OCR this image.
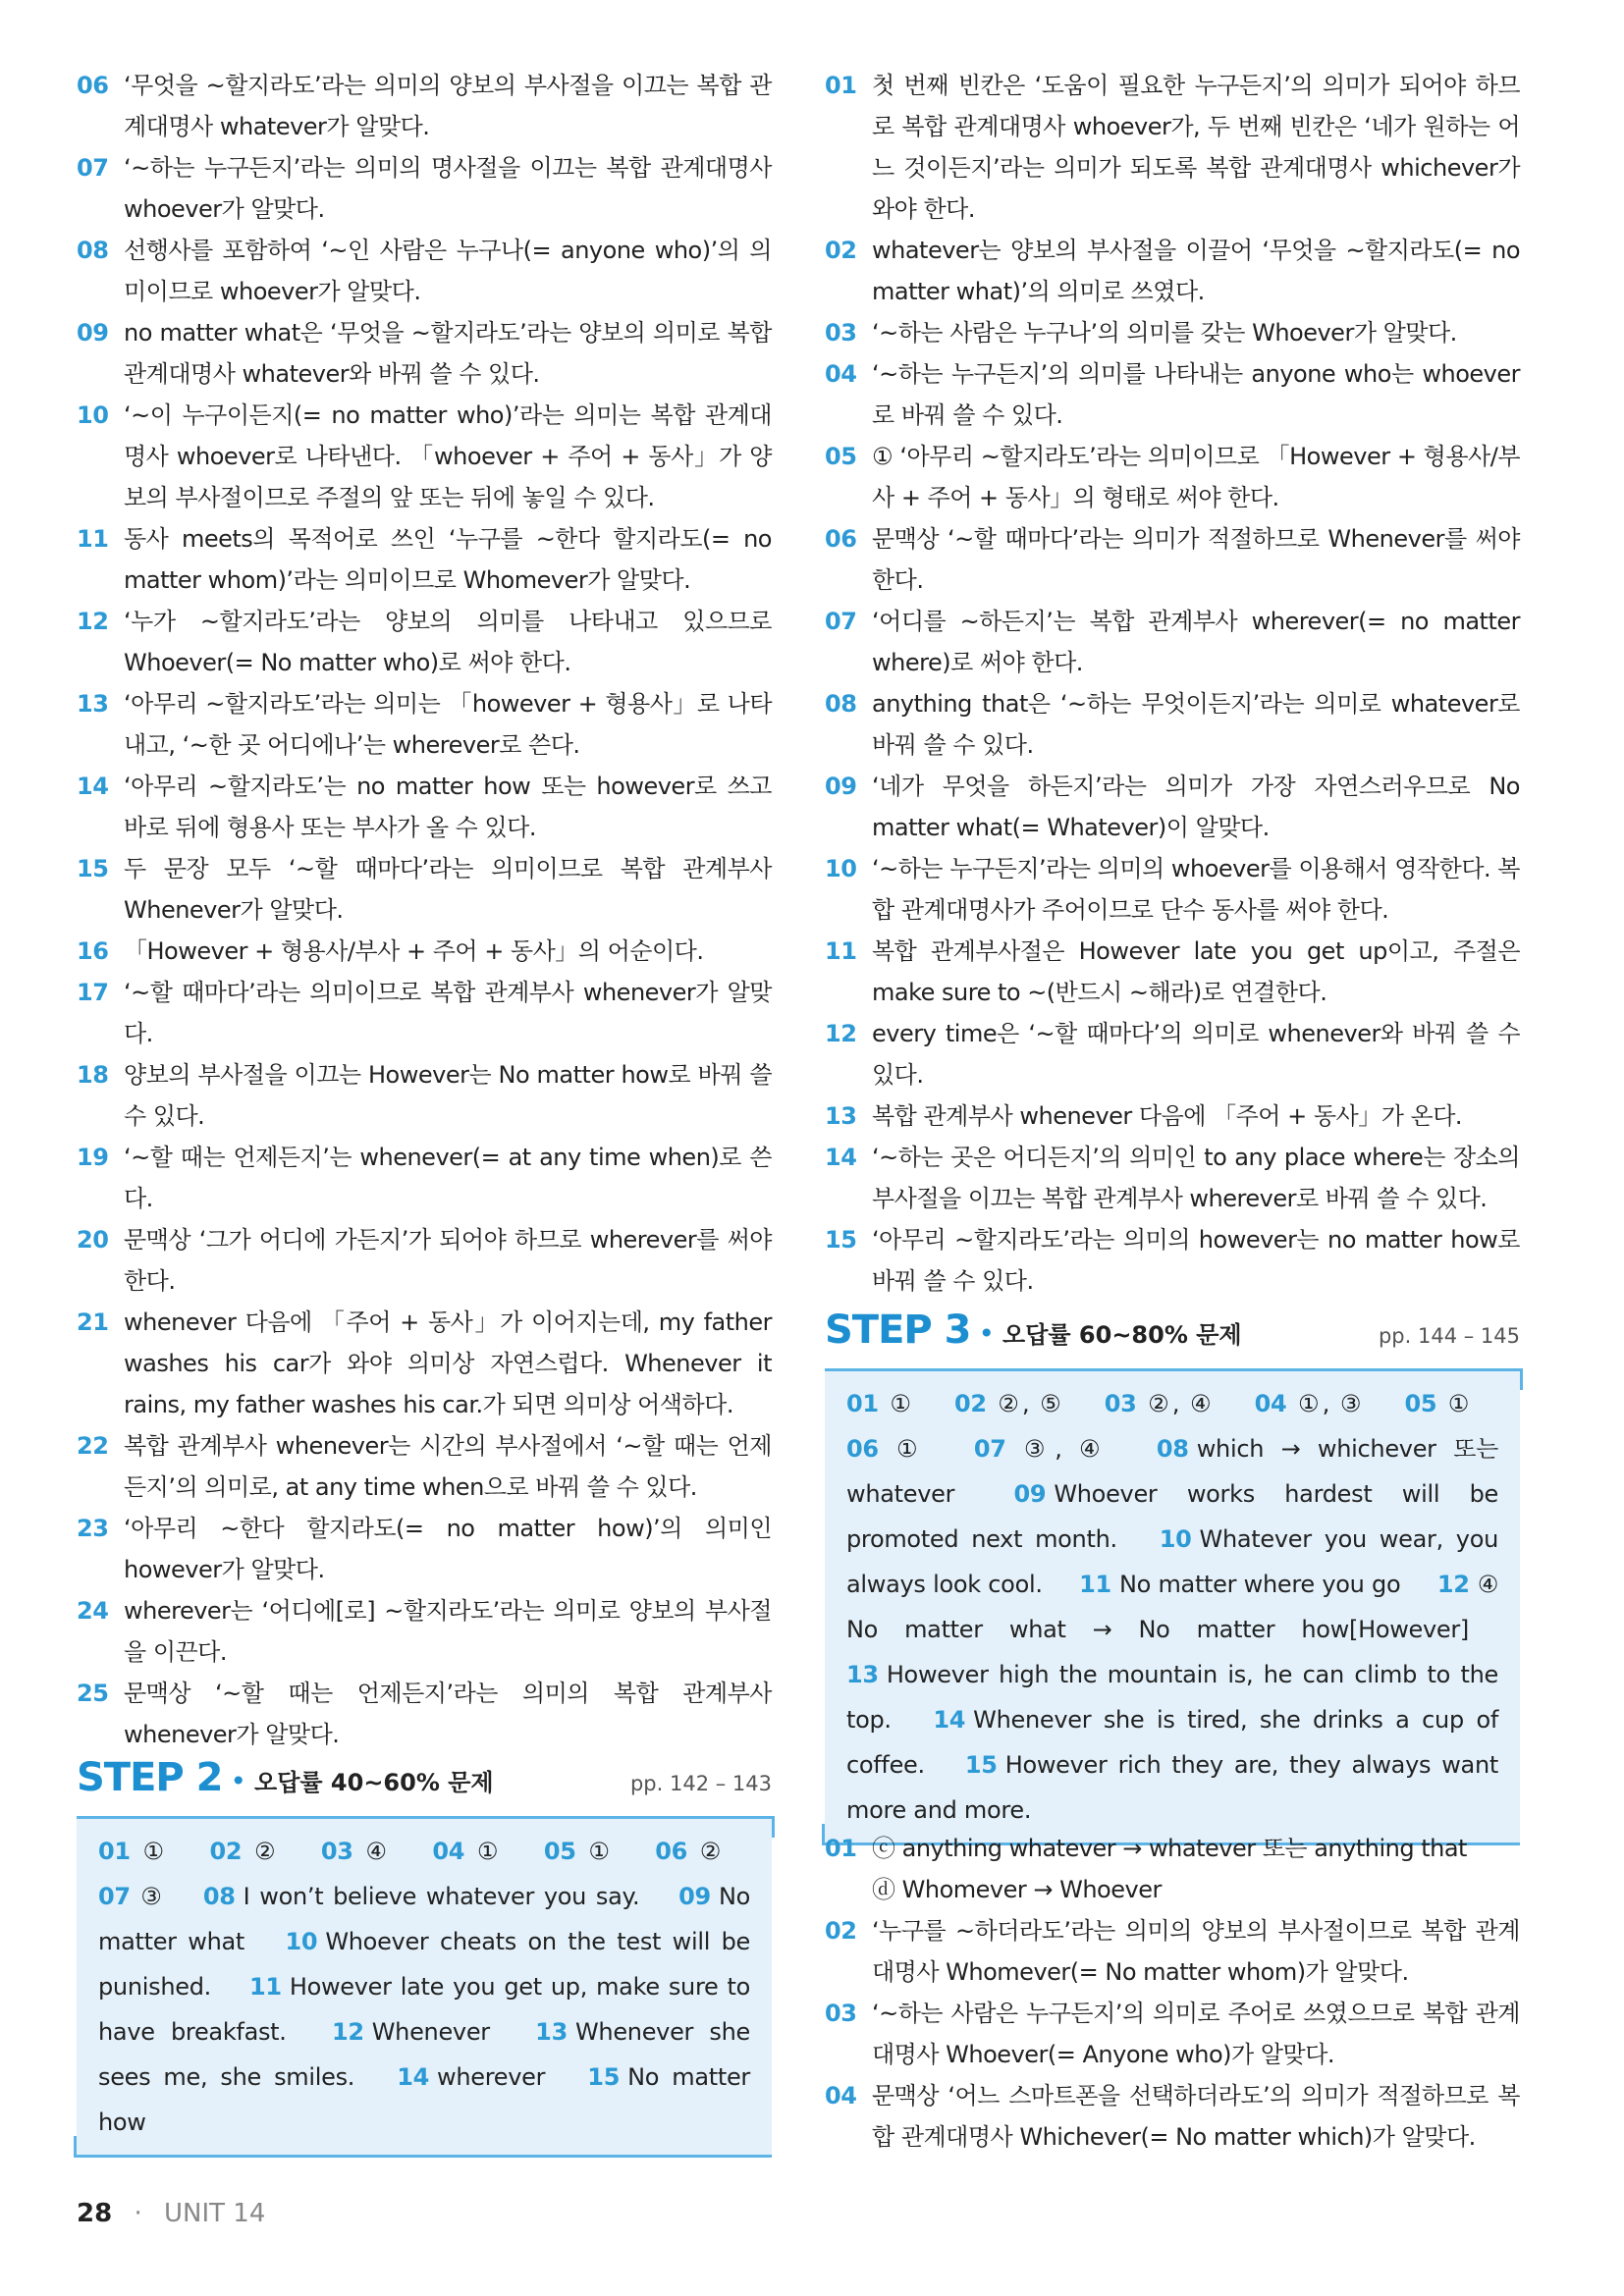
06 ‘무엇을 ~할지라도’라는 의미의 양보의 부사절을 이끄는 복합 관계대명사 whatever가 알맞다.
07 ‘~하는 누구든지’라는 의미의 명사절을 이끄는 복합 관계대명사 whoever가 알맞다.
08 선행사를 포함하여 ‘~인 사람은 누구나(= anyone who)’의 의미이므로 whoever가 알맞다.
09 no matter what은 ‘무엇을 ~할지라도’라는 양보의 의미로 복합 관계대명사 whatever와 바꿔 쓸 수 있다.
10 ‘~이 누구이든지(= no matter who)’라는 의미는 복합 관계대명사 whoever로 나타낸다. 「whoever + 주어 + 동사」가 양보의 부사절이므로 주절의 앞 또는 뒤에 놓일 수 있다.
11 동사 meets의 목적어로 쓰인 ‘누구를 ~한다 할지라도(= no matter whom)’라는 의미이므로 Whomever가 알맞다.
12 ‘누가 ~할지라도’라는 양보의 의미를 나타내고 있으므로 Whoever(= No matter who)로 써야 한다.
13 ‘아무리 ~할지라도’라는 의미는 「however + 형용사」로 나타내고, ‘~한 곳 어디에나’는 wherever로 쓴다.
14 ‘아무리 ~할지라도’는 no matter how 또는 however로 쓰고 바로 뒤에 형용사 또는 부사가 올 수 있다.
15 두 문장 모두 ‘~할 때마다’라는 의미이므로 복합 관계부사 Whenever가 알맞다.
16 「However + 형용사/부사 + 주어 + 동사」의 어순이다.
17 ‘~할 때마다’라는 의미이므로 복합 관계부사 whenever가 알맞다.
18 양보의 부사절을 이끄는 However는 No matter how로 바꿔 쓸 수 있다.
19 ‘~할 때는 언제든지’는 whenever(= at any time when)로 쓴다.
20 문맥상 ‘그가 어디에 가든지’가 되어야 하므로 wherever를 써야 한다.
21 whenever 다음에 「주어 + 동사」가 이어지는데, my father washes his car가 와야 의미상 자연스럽다. Whenever it rains, my father washes his car.가 되면 의미상 어색하다.
22 복합 관계부사 whenever는 시간의 부사절에서 ‘~할 때는 언제든지’의 의미로, at any time when으로 바꿔 쓸 수 있다.
23 ‘아무리 ~한다 할지라도(= no matter how)’의 의미인 however가 알맞다.
24 wherever는 ‘어디에[로] ~할지라도’라는 의미로 양보의 부사절을 이끈다.
25 문맥상 ‘~할 때는 언제든지’라는 의미의 복합 관계부사 whenever가 알맞다.
STEP 2 • 오답률 40~60% 문제	pp. 142 – 143
01 ① 02 ② 03 ④ 04 ① 05 ① 06 ② 07 ③ 08 I won’t believe whatever you say. 09 No matter what 10 Whoever cheats on the test will be punished. 11 However late you get up, make sure to have breakfast. 12 Whenever 13 Whenever she sees me, she smiles. 14 wherever 15 No matter how
01 첫 번째 빈칸은 ‘도움이 필요한 누구든지’의 의미가 되어야 하므로 복합 관계대명사 whoever가, 두 번째 빈칸은 ‘네가 원하는 어느 것이든지’라는 의미가 되도록 복합 관계대명사 whichever가 와야 한다.
02 whatever는 양보의 부사절을 이끌어 ‘무엇을 ~할지라도(= no matter what)’의 의미로 쓰였다.
03 ‘~하는 사람은 누구나’의 의미를 갖는 Whoever가 알맞다.
04 ‘~하는 누구든지’의 의미를 나타내는 anyone who는 whoever로 바꿔 쓸 수 있다.
05 ① ‘아무리 ~할지라도’라는 의미이므로 「However + 형용사/부사 + 주어 + 동사」의 형태로 써야 한다.
06 문맥상 ‘~할 때마다’라는 의미가 적절하므로 Whenever를 써야 한다.
07 ‘어디를 ~하든지’는 복합 관계부사 wherever(= no matter where)로 써야 한다.
08 anything that은 ‘~하는 무엇이든지’라는 의미로 whatever로 바꿔 쓸 수 있다.
09 ‘네가 무엇을 하든지’라는 의미가 가장 자연스러우므로 No matter what(= Whatever)이 알맞다.
10 ‘~하는 누구든지’라는 의미의 whoever를 이용해서 영작한다. 복합 관계대명사가 주어이므로 단수 동사를 써야 한다.
11 복합 관계부사절은 However late you get up이고, 주절은 make sure to ~(반드시 ~해라)로 연결한다.
12 every time은 ‘~할 때마다’의 의미로 whenever와 바꿔 쓸 수 있다.
13 복합 관계부사 whenever 다음에 「주어 + 동사」가 온다.
14 ‘~하는 곳은 어디든지’의 의미인 to any place where는 장소의 부사절을 이끄는 복합 관계부사 wherever로 바꿔 쓸 수 있다.
15 ‘아무리 ~할지라도’라는 의미의 however는 no matter how로 바꿔 쓸 수 있다.
STEP 3 • 오답률 60~80% 문제	pp. 144 – 145
01 ① 02 ②, ⑤ 03 ②, ④ 04 ①, ③ 05 ① 06 ① 07 ③, ④ 08 which → whichever 또는 whatever	09 Whoever works hardest will be promoted next month. 10 Whatever you wear, you always look cool. 11 No matter where you go 12 ④ No matter what → No matter how[However] 13 However high the mountain is, he can climb to the top. 14 Whenever she is tired, she drinks a cup of coffee. 15 However rich they are, they always want more and more.
01 ⓒ anything whatever → whatever 또는 anything that
ⓓ Whomever → Whoever
02 ‘누구를 ~하더라도’라는 의미의 양보의 부사절이므로 복합 관계대명사 Whomever(= No matter whom)가 알맞다.
03 ‘~하는 사람은 누구든지’의 의미로 주어로 쓰였으므로 복합 관계대명사 Whoever(= Anyone who)가 알맞다.
04 문맥상 ‘어느 스마트폰을 선택하더라도’의 의미가 적절하므로 복합 관계대명사 Whichever(= No matter which)가 알맞다.
28 · UNIT 14
